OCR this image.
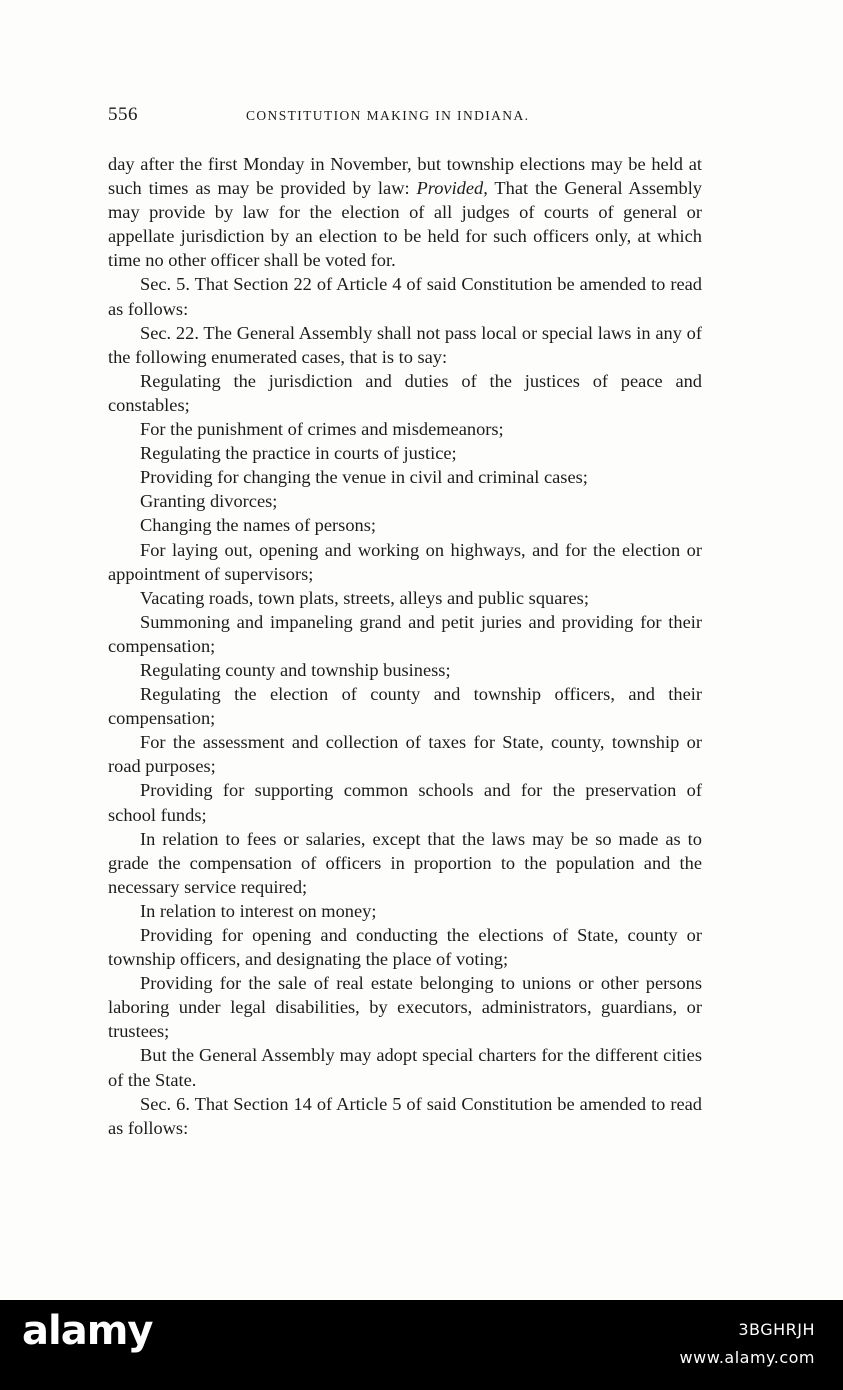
556	CONSTITUTION MAKING IN INDIANA.

day after the first Monday in November, but township elections may be held at such times as may be provided by law: Provided, That the General Assembly may provide by law for the election of all judges of courts of general or appellate jurisdiction by an election to be held for such officers only, at which time no other officer shall be voted for.

Sec. 5. That Section 22 of Article 4 of said Constitution be amended to read as follows:

Sec. 22. The General Assembly shall not pass local or special laws in any of the following enumerated cases, that is to say:

Regulating the jurisdiction and duties of the justices of peace and constables;

For the punishment of crimes and misdemeanors;

Regulating the practice in courts of justice;

Providing for changing the venue in civil and criminal cases;

Granting divorces;

Changing the names of persons;

For laying out, opening and working on highways, and for the election or appointment of supervisors;

Vacating roads, town plats, streets, alleys and public squares;

Summoning and impaneling grand and petit juries and providing for their compensation;

Regulating county and township business;

Regulating the election of county and township officers, and their compensation;

For the assessment and collection of taxes for State, county, township or road purposes;

Providing for supporting common schools and for the preservation of school funds;

In relation to fees or salaries, except that the laws may be so made as to grade the compensation of officers in proportion to the population and the necessary service required;

In relation to interest on money;

Providing for opening and conducting the elections of State, county or township officers, and designating the place of voting;

Providing for the sale of real estate belonging to unions or other persons laboring under legal disabilities, by executors, administrators, guardians, or trustees;

But the General Assembly may adopt special charters for the different cities of the State.

Sec. 6. That Section 14 of Article 5 of said Constitution be amended to read as follows:

alamy	3BGHRJH
www.alamy.com
